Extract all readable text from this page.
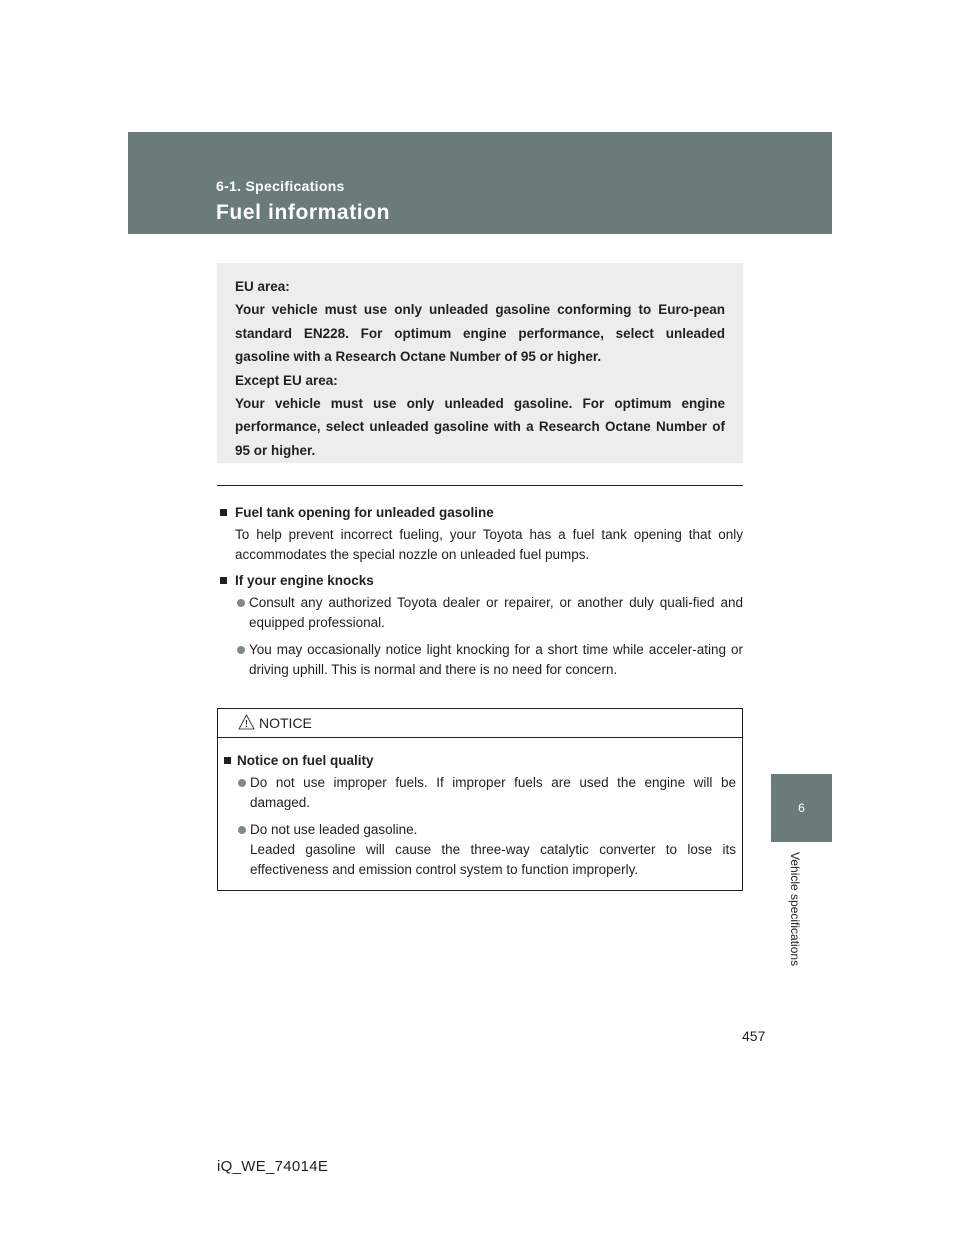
6-1. Specifications
Fuel information
6
Vehicle specifications

EU area:

Your vehicle must use only unleaded gasoline conforming to Euro-pean standard EN228. For optimum engine performance, select unleaded gasoline with a Research Octane Number of 95 or higher.

Except EU area:

Your vehicle must use only unleaded gasoline. For optimum engine performance, select unleaded gasoline with a Research Octane Number of 95 or higher.

Fuel tank opening for unleaded gasoline

To help prevent incorrect fueling, your Toyota has a fuel tank opening that only accommodates the special nozzle on unleaded fuel pumps.

If your engine knocks

Consult any authorized Toyota dealer or repairer, or another duly quali-fied and equipped professional.
You may occasionally notice light knocking for a short time while acceler-ating or driving uphill. This is normal and there is no need for concern.
NOTICE

Notice on fuel quality

Do not use improper fuels. If improper fuels are used the engine will be damaged.
Do not use leaded gasoline.
Leaded gasoline will cause the three-way catalytic converter to lose its effectiveness and emission control system to function improperly.
457
iQ_WE_74014E
